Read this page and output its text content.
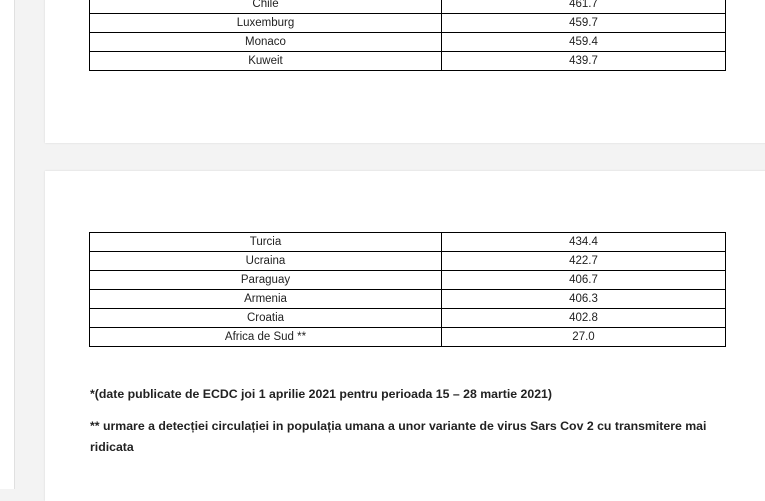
Chile	461.7
Luxemburg	459.7
Monaco	459.4
Kuweit	439.7
Turcia	434.4
Ucraina	422.7
Paraguay	406.7
Armenia	406.3
Croatia	402.8
Africa de Sud **	27.0
*(date publicate de ECDC joi 1 aprilie 2021 pentru perioada 15 – 28 martie 2021)
** urmare a detecției circulației in populația umana a unor variante de virus Sars Cov 2 cu transmitere mai ridicata
